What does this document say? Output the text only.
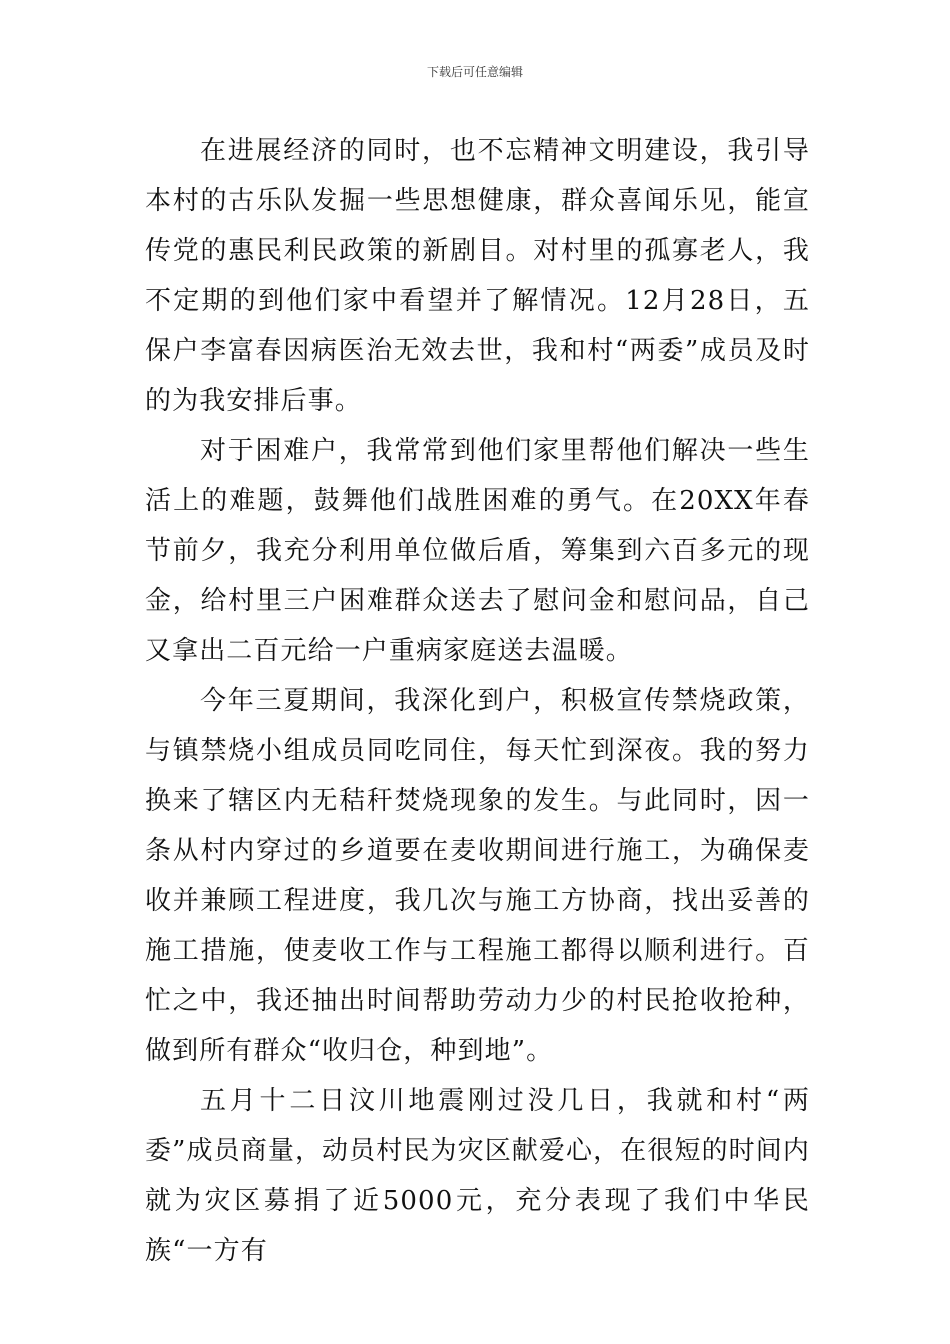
下载后可任意编辑

在进展经济的同时，也不忘精神文明建设，我引导本村的古乐队发掘一些思想健康，群众喜闻乐见，能宣传党的惠民利民政策的新剧目。对村里的孤寡老人，我不定期的到他们家中看望并了解情况。12月28日，五保户李富春因病医治无效去世，我和村“两委”成员及时的为我安排后事。

对于困难户，我常常到他们家里帮他们解决一些生活上的难题，鼓舞他们战胜困难的勇气。在20XX年春节前夕，我充分利用单位做后盾，筹集到六百多元的现金，给村里三户困难群众送去了慰问金和慰问品，自己又拿出二百元给一户重病家庭送去温暖。

今年三夏期间，我深化到户，积极宣传禁烧政策，与镇禁烧小组成员同吃同住，每天忙到深夜。我的努力换来了辖区内无秸秆焚烧现象的发生。与此同时，因一条从村内穿过的乡道要在麦收期间进行施工，为确保麦收并兼顾工程进度，我几次与施工方协商，找出妥善的施工措施，使麦收工作与工程施工都得以顺利进行。百忙之中，我还抽出时间帮助劳动力少的村民抢收抢种，做到所有群众“收归仓，种到地”。

五月十二日汶川地震刚过没几日，我就和村“两委”成员商量，动员村民为灾区献爱心，在很短的时间内就为灾区募捐了近5000元，充分表现了我们中华民族“一方有
